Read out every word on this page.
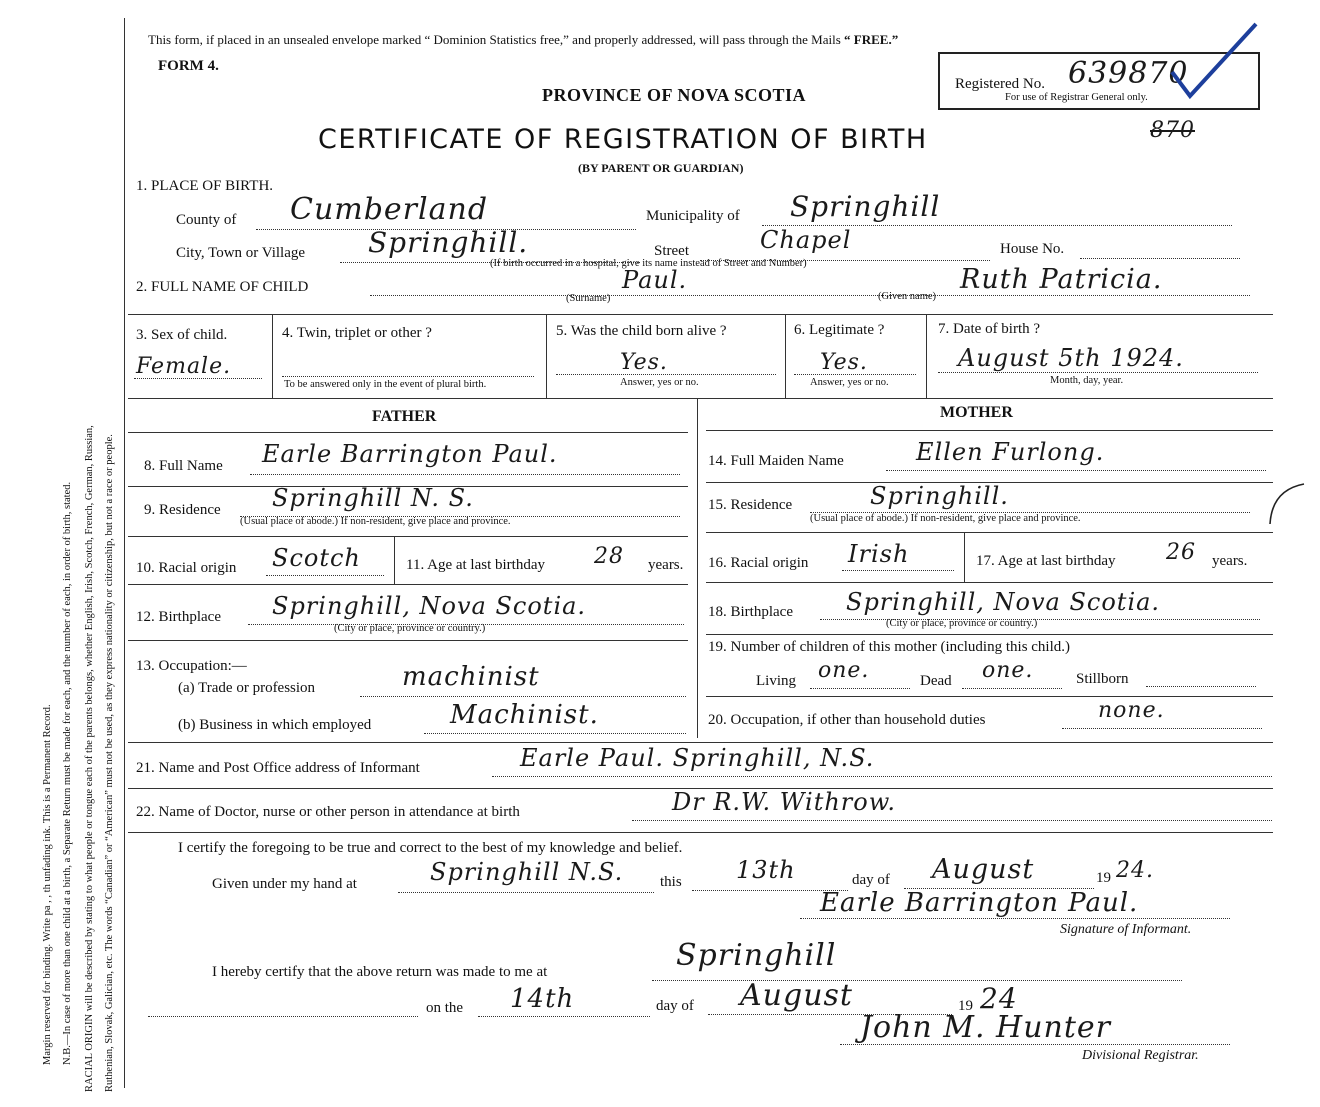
Margin reserved for binding. Write pa , , th unfading ink. This is a Permanent Record. N.B.—In case of more than one child at a birth, a Separate Return must be made for each, and the number of each, in order of birth, stated. RACIAL ORIGIN will be described by stating to what people or tongue each of the parents belongs, whether English, Irish, Scotch, French, German, Russian, Ruthenian, Slovak, Galician, etc. The words “Canadian” or “American” must not be used, as they express nationality or citizenship, but not a race or people.
This form, if placed in an unsealed envelope marked “ Dominion Statistics free,” and properly addressed, will pass through the Mails “ FREE.”
FORM 4.
PROVINCE OF NOVA SCOTIA
CERTIFICATE OF REGISTRATION OF BIRTH
(BY PARENT OR GUARDIAN)
Registered No. 639870
For use of Registrar General only.
870
1. PLACE OF BIRTH.
County of Cumberland	Municipality of Springhill
City, Town or Village Springhill.	Street	Chapel
(If birth occurred in a hospital, give its name instead of Street and Number)
House No.
2. FULL NAME OF CHILD	Paul.
(Surname)
Ruth Patricia.
(Given name)
3. Sex of child.
Female.
4. Twin, triplet or other ?
To be answered only in the event of plural birth.
5. Was the child born alive ?
Yes.
Answer, yes or no.
6. Legitimate ?
Yes.
Answer, yes or no.
7. Date of birth ?
August 5th 1924.
Month, day, year.
FATHER	MOTHER
8. Full Name Earle Barrington Paul.
9. Residence Springhill N. S.
(Usual place of abode.) If non-resident, give place and province.
10. Racial origin Scotch	11. Age at last birthday 28 years.
12. Birthplace Springhill, Nova Scotia.
(City or place, province or country.)
13. Occupation:—
(a) Trade or profession	machinist
(b) Business in which employed	Machinist.
14. Full Maiden Name	Ellen Furlong.
15. Residence	Springhill.
(Usual place of abode.) If non-resident, give place and province.
16. Racial origin Irish	17. Age at last birthday 26 years.
18. Birthplace Springhill, Nova Scotia.
(City or place, province or country.)
19. Number of children of this mother (including this child.)
Living one.	Dead one.	Stillborn
20. Occupation, if other than household duties	none.
21. Name and Post Office address of Informant	Earle Paul. Springhill, N.S.
22. Name of Doctor, nurse or other person in attendance at birth	Dr R.W. Withrow.
I certify the foregoing to be true and correct to the best of my knowledge and belief.
Given under my hand at	Springhill N.S. this 13th	day of August	19 24.
Earle Barrington Paul.
Signature of Informant.
I hereby certify that the above return was made to me at	Springhill
on the 14th	day of August	19 24
John M. Hunter
Divisional Registrar.
